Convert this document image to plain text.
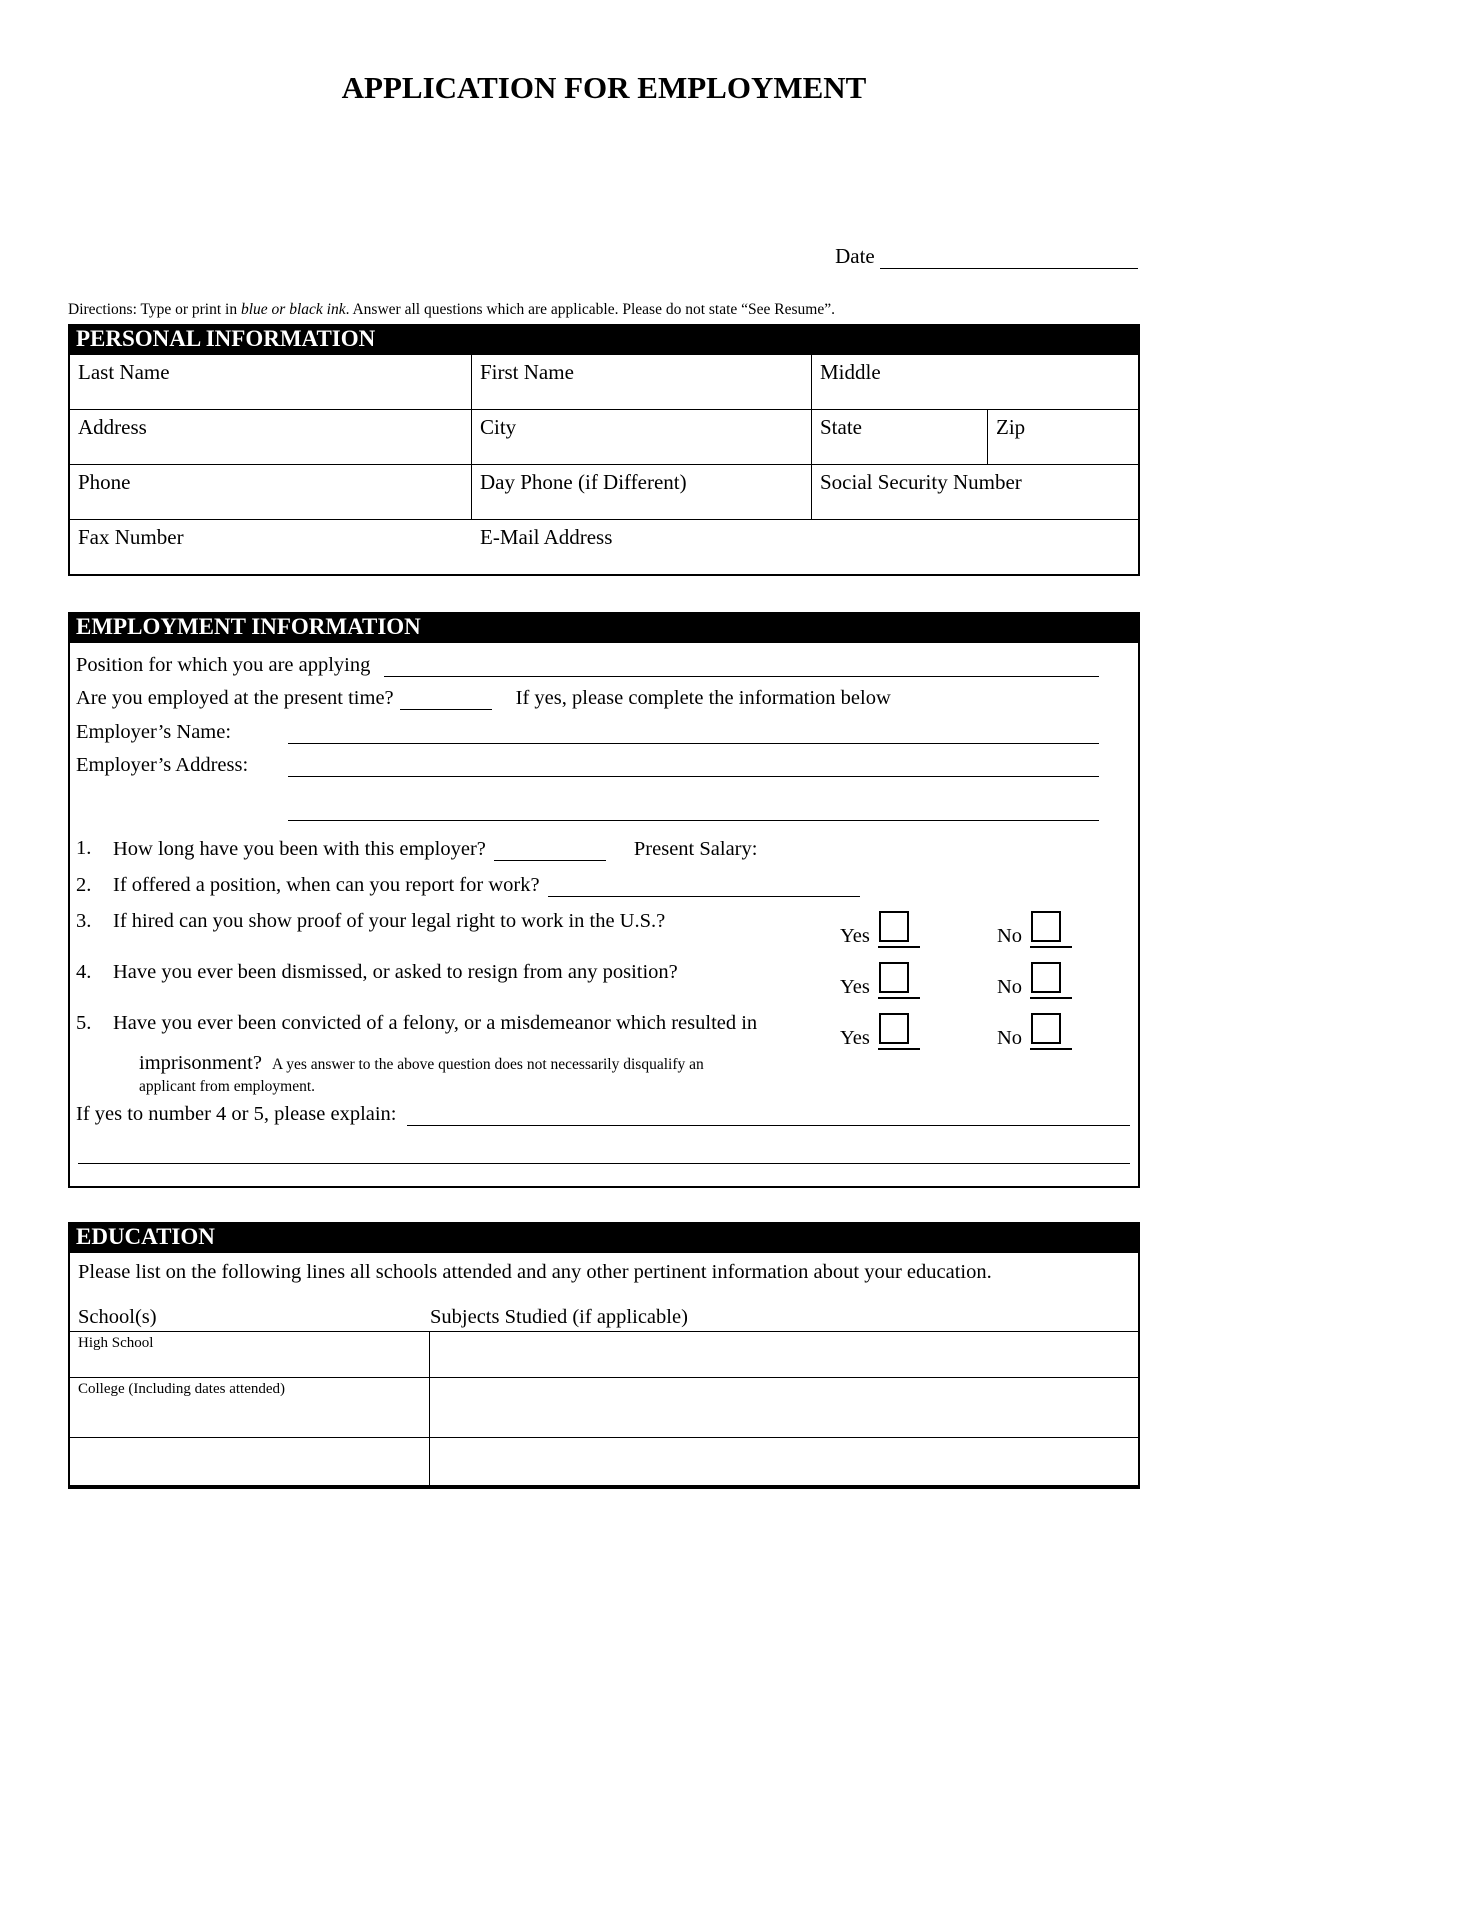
APPLICATION FOR EMPLOYMENT
Date
Directions: Type or print in blue or black ink. Answer all questions which are applicable. Please do not state “See Resume”.
PERSONAL INFORMATION
Last Name	First Name	Middle
Address	City	State	Zip
Phone	Day Phone (if Different)	Social Security Number
Fax Number	E-Mail Address
EMPLOYMENT INFORMATION
Position for which you are applying
Are you employed at the present time?	If yes, please complete the information below
Employer’s Name:
Employer’s Address:
1.	How long have you been with this employer?	Present Salary:
2.	If offered a position, when can you report for work?
3.	If hired can you show proof of your legal right to work in the U.S.?
Yes	No
4.	Have you ever been dismissed, or asked to resign from any position?
Yes	No
5.	Have you ever been convicted of a felony, or a misdemeanor which resulted in
Yes	No
imprisonment? A yes answer to the above question does not necessarily disqualify an
applicant from employment.
If yes to number 4 or 5, please explain:
EDUCATION
Please list on the following lines all schools attended and any other pertinent information about your education.
School(s)	Subjects Studied (if applicable)
High School
College (Including dates attended)
